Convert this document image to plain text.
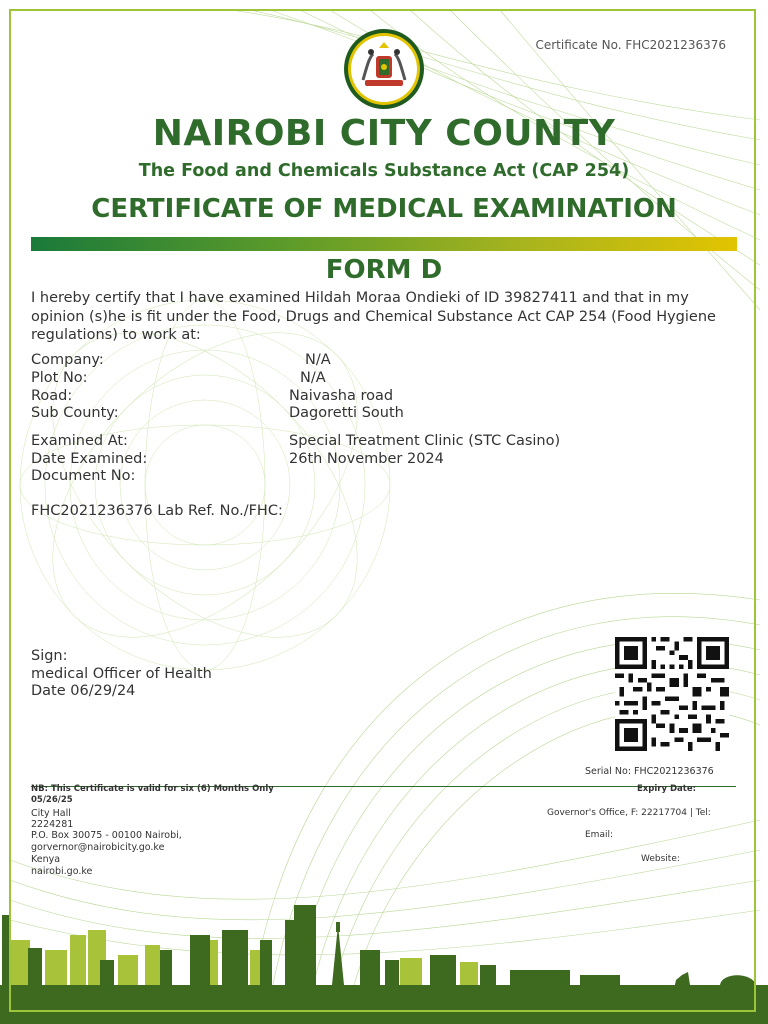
Certificate No. FHC2021236376
NAIROBI CITY COUNTY
The Food and Chemicals Substance Act (CAP 254)
CERTIFICATE OF MEDICAL EXAMINATION
FORM D
I hereby certify that I have examined Hildah Moraa Ondieki of ID 39827411 and that in my opinion (s)he is fit under the Food, Drugs and Chemical Substance Act CAP 254 (Food Hygiene regulations) to work at:
Company:	N/A
Plot No:	N/A
Road:	Naivasha road
Sub County:	Dagoretti South
Examined At:	Special Treatment Clinic (STC Casino)
Date Examined:	26th November 2024
Document No:
FHC2021236376 Lab Ref. No./FHC:
Sign:
medical Officer of Health
Date 06/29/24
Serial No: FHC2021236376
NB: This Certificate is valid for six (6) Months Only	Expiry Date:
05/26/25
City Hall
2224281
P.O. Box 30075 - 00100 Nairobi,
gorvernor@nairobicity.go.ke
Kenya
nairobi.go.ke
Governor's Office, F: 22217704 | Tel:
Email:
Website:
